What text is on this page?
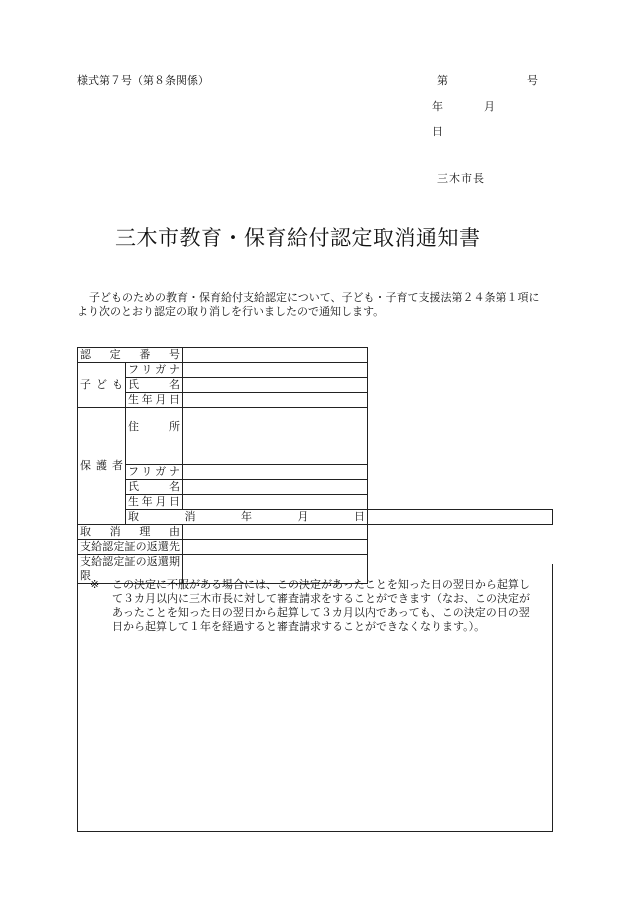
様式第７号（第８条関係）	第	号
年	月
日
三木市長
三木市教育・保育給付認定取消通知書
子どものための教育・保育給付支給認定について、子ども・子育て支援法第２４条第１項により次のとおり認定の取り消しを行いましたので通知します。
認定番号			
子ども	フリガナ		
	氏名		
	生年月日		
保護者	住所		
	フリガナ		
	氏名		
	生年月日		
	取消年月日		
取消理由			
支給認定証の返還先			
支給認定証の返還期限			
※	この決定に不服がある場合には、この決定があったことを知った日の翌日から起算して３カ月以内に三木市長に対して審査請求をすることができます（なお、この決定があったことを知った日の翌日から起算して３カ月以内であっても、この決定の日の翌日から起算して１年を経過すると審査請求することができなくなります。）。
